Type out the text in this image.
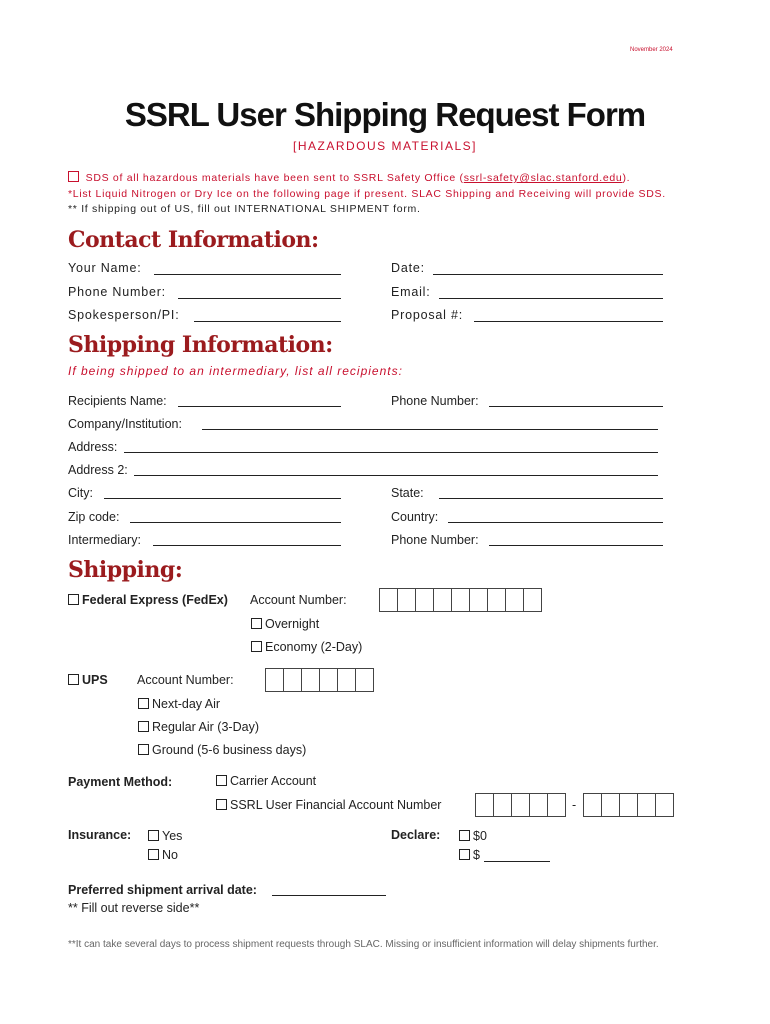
November 2024
SSRL User Shipping Request Form
[HAZARDOUS MATERIALS]
SDS of all hazardous materials have been sent to SSRL Safety Office (ssrl-safety@slac.stanford.edu).
*List Liquid Nitrogen or Dry Ice on the following page if present. SLAC Shipping and Receiving will provide SDS.
** If shipping out of US, fill out INTERNATIONAL SHIPMENT form.
Contact Information:
Your Name:	Date:
Phone Number:	Email:
Spokesperson/PI:	Proposal #:
Shipping Information:
If being shipped to an intermediary, list all recipients:
Recipients Name:	Phone Number:
Company/Institution:
Address:
Address 2:
City:	State:
Zip code:	Country:
Intermediary:	Phone Number:
Shipping:
Federal Express (FedEx) Account Number:
Overnight
Economy (2-Day)
UPS Account Number:
Next-day Air
Regular Air (3-Day)
Ground (5-6 business days)
Payment Method:	Carrier Account
SSRL User Financial Account Number	-
Insurance:	Yes
No
Declare:	$0
$
Preferred shipment arrival date:
** Fill out reverse side**
**It can take several days to process shipment requests through SLAC. Missing or insufficient information will delay shipments further.
